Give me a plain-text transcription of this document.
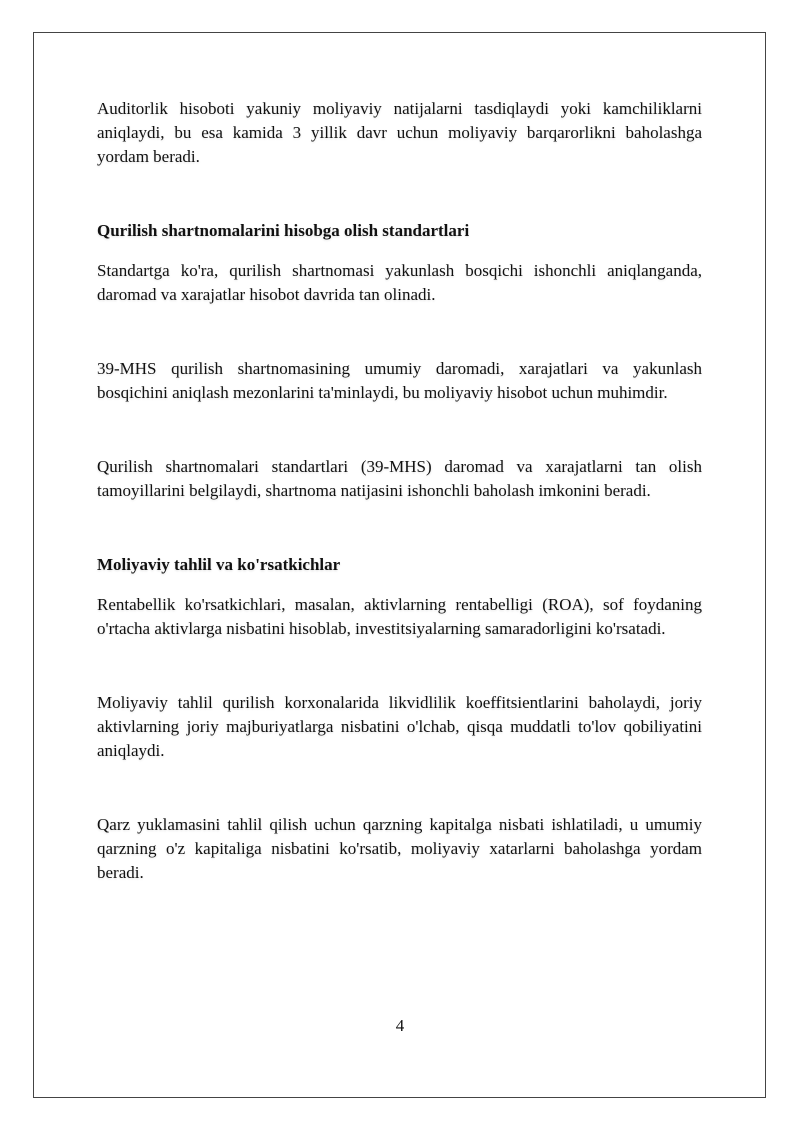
Auditorlik hisoboti yakuniy moliyaviy natijalarni tasdiqlaydi yoki kamchiliklarni aniqlaydi, bu esa kamida 3 yillik davr uchun moliyaviy barqarorlikni baholashga yordam beradi.

Qurilish shartnomalarini hisobga olish standartlari

Standartga ko'ra, qurilish shartnomasi yakunlash bosqichi ishonchli aniqlanganda, daromad va xarajatlar hisobot davrida tan olinadi.

39-MHS qurilish shartnomasining umumiy daromadi, xarajatlari va yakunlash bosqichini aniqlash mezonlarini ta'minlaydi, bu moliyaviy hisobot uchun muhimdir.

Qurilish shartnomalari standartlari (39-MHS) daromad va xarajatlarni tan olish tamoyillarini belgilaydi, shartnoma natijasini ishonchli baholash imkonini beradi.

Moliyaviy tahlil va ko'rsatkichlar

Rentabellik ko'rsatkichlari, masalan, aktivlarning rentabelligi (ROA), sof foydaning o'rtacha aktivlarga nisbatini hisoblab, investitsiyalarning samaradorligini ko'rsatadi.

Moliyaviy tahlil qurilish korxonalarida likvidlilik koeffitsientlarini baholaydi, joriy aktivlarning joriy majburiyatlarga nisbatini o'lchab, qisqa muddatli to'lov qobiliyatini aniqlaydi.

Qarz yuklamasini tahlil qilish uchun qarzning kapitalga nisbati ishlatiladi, u umumiy qarzning o'z kapitaliga nisbatini ko'rsatib, moliyaviy xatarlarni baholashga yordam beradi.

4
